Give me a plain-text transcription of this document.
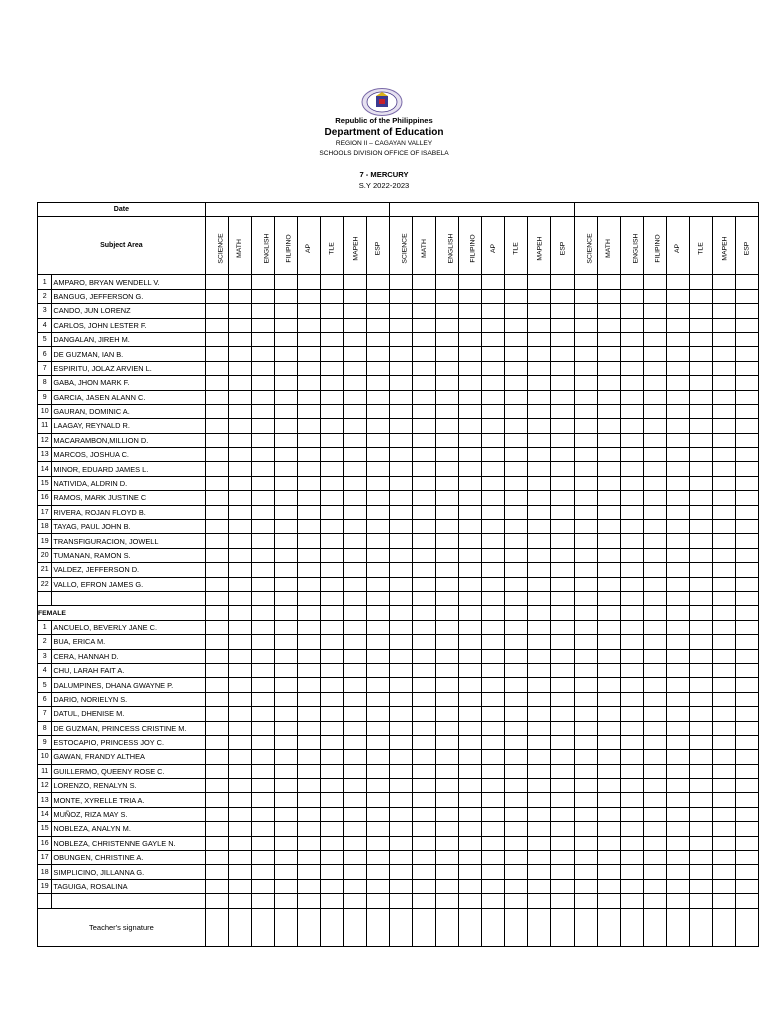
Republic of the Philippines
Department of Education
REGION II – CAGAYAN VALLEY
SCHOOLS DIVISION OFFICE OF ISABELA
7 - MERCURY
S.Y 2022-2023
Date																									
Subject Area		SCIENCE	MATH	ENGLISH	FILIPINO	AP	TLE	MAPEH	ESP	SCIENCE	MATH	ENGLISH	FILIPINO	AP	TLE	MAPEH	ESP	SCIENCE	MATH	ENGLISH	FILIPINO	AP	TLE	MAPEH	ESP
1	AMPARO, BRYAN WENDELL V.																								
2	BANGUG, JEFFERSON G.																								
3	CANDO, JUN LORENZ																								
4	CARLOS, JOHN LESTER F.																								
5	DANGALAN, JIREH M.																								
6	DE GUZMAN, IAN B.																								
7	ESPIRITU, JOLAZ ARVIEN L.																								
8	GABA, JHON MARK F.																								
9	GARCIA, JASEN ALANN C.																								
10	GAURAN, DOMINIC A.																								
11	LAAGAY, REYNALD R.																								
12	MACARAMBON,MILLION D.																								
13	MARCOS, JOSHUA C.																								
14	MINOR, EDUARD JAMES L.																								
15	NATIVIDA, ALDRIN D.																								
16	RAMOS, MARK JUSTINE C																								
17	RIVERA, ROJAN FLOYD B.																								
18	TAYAG, PAUL JOHN B.																								
19	TRANSFIGURACION, JOWELL																								
20	TUMANAN, RAMON S.																								
21	VALDEZ, JEFFERSON D.																								
22	VALLO, EFRON JAMES G.																								

FEMALE																									
1	ANCUELO, BEVERLY JANE C.																								
2	BUA, ERICA M.																								
3	CERA, HANNAH D.																								
4	CHU, LARAH FAIT A.																								
5	DALUMPINES, DHANA GWAYNE P.																								
6	DARIO, NORIELYN S.																								
7	DATUL, DHENISE M.																								
8	DE GUZMAN, PRINCESS CRISTINE M.																								
9	ESTOCAPIO, PRINCESS JOY C.																								
10	GAWAN, FRANDY ALTHEA																								
11	GUILLERMO, QUEENY ROSE C.																								
12	LORENZO, RENALYN S.																								
13	MONTE, XYRELLE TRIA A.																								
14	MUÑOZ, RIZA MAY S.																								
15	NOBLEZA, ANALYN M.																								
16	NOBLEZA, CHRISTENNE GAYLE N.																								
17	OBUNGEN, CHRISTINE A.																								
18	SIMPLICINO, JILLANNA G.																								
19	TAGUIGA, ROSALINA																								

Teacher's signature																									
